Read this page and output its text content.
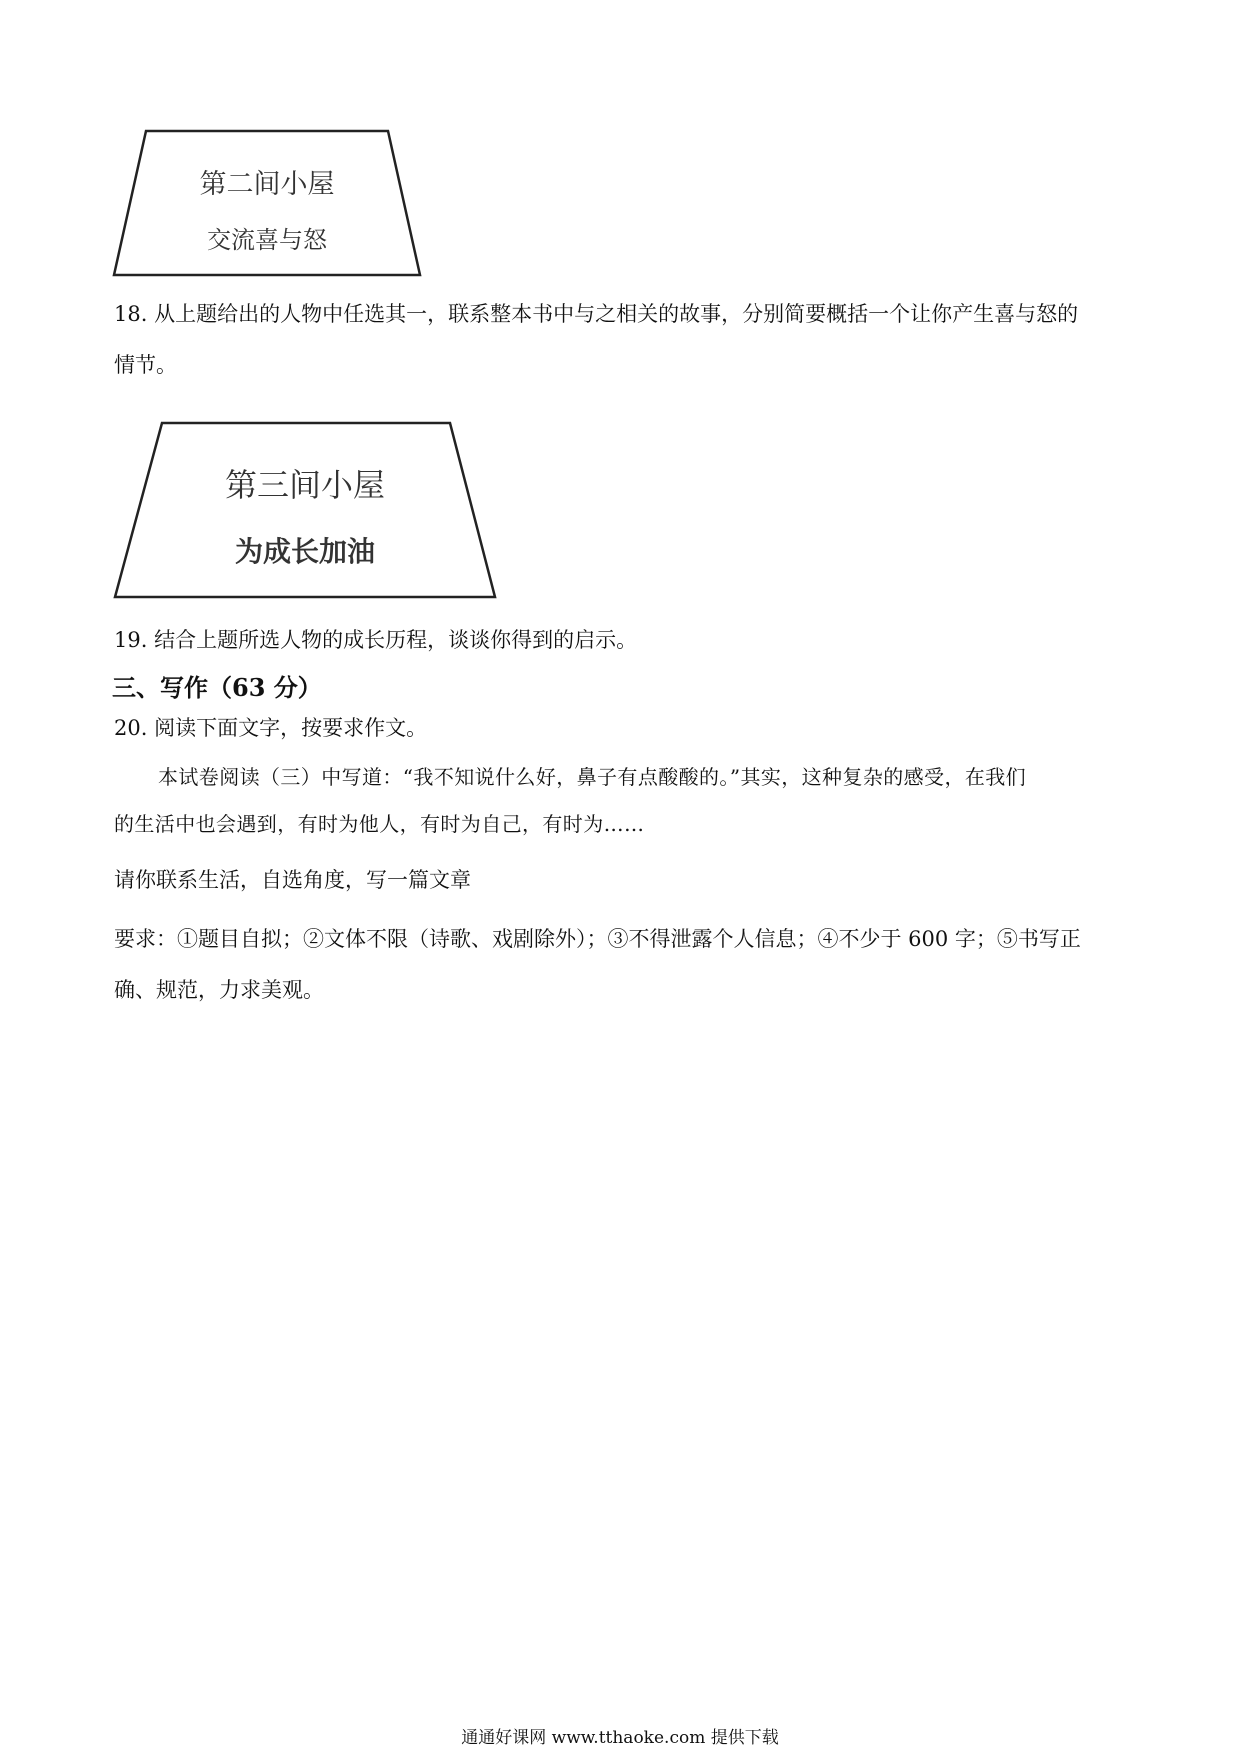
第二间小屋
交流喜与怒
18. 从上题给出的人物中任选其一，联系整本书中与之相关的故事，分别简要概括一个让你产生喜与怒的
情节。
第三间小屋
为成长加油
19. 结合上题所选人物的成长历程，谈谈你得到的启示。
三、写作（63 分）
20. 阅读下面文字，按要求作文。
本试卷阅读（三）中写道：“我不知说什么好，鼻子有点酸酸的。”其实，这种复杂的感受，在我们
的生活中也会遇到，有时为他人，有时为自己，有时为……
请你联系生活，自选角度，写一篇文章
要求：①题目自拟；②文体不限（诗歌、戏剧除外）；③不得泄露个人信息；④不少于 600 字；⑤书写正
确、规范，力求美观。
通通好课网 www.tthaoke.com 提供下载
